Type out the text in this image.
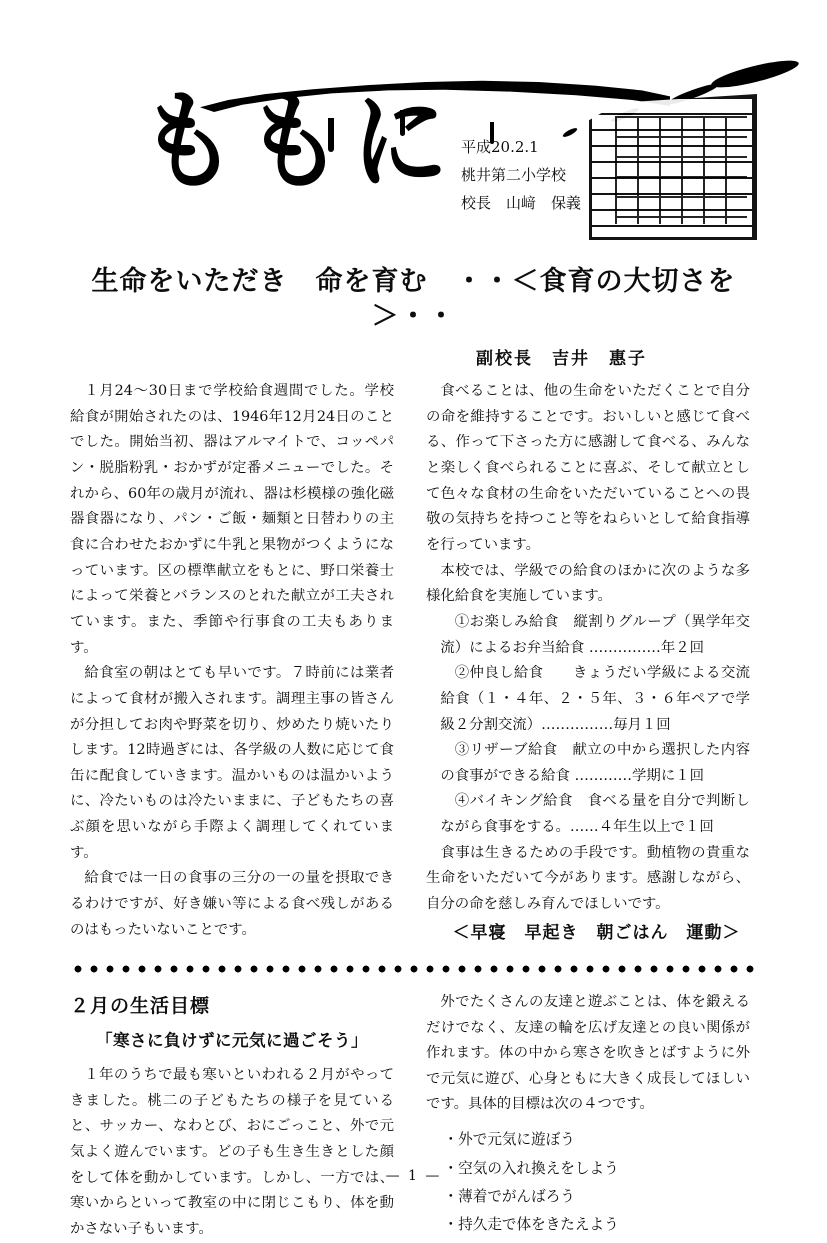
ももに 平成20.2.1
桃井第二小学校
校長　山﨑　保義
生命をいただき　命を育む　・・＜食育の大切さを＞・・
副校長　吉井　惠子

１月24〜30日まで学校給食週間でした。学校給食が開始されたのは、1946年12月24日のことでした。開始当初、器はアルマイトで、コッペパン・脱脂粉乳・おかずが定番メニューでした。それから、60年の歳月が流れ、器は杉模様の強化磁器食器になり、パン・ご飯・麺類と日替わりの主食に合わせたおかずに牛乳と果物がつくようになっています。区の標準献立をもとに、野口栄養士によって栄養とバランスのとれた献立が工夫されています。また、季節や行事食の工夫もあります。

給食室の朝はとても早いです。７時前には業者によって食材が搬入されます。調理主事の皆さんが分担してお肉や野菜を切り、炒めたり焼いたりします。12時過ぎには、各学級の人数に応じて食缶に配食していきます。温かいものは温かいように、冷たいものは冷たいままに、子どもたちの喜ぶ顔を思いながら手際よく調理してくれています。

給食では一日の食事の三分の一の量を摂取できるわけですが、好き嫌い等による食べ残しがあるのはもったいないことです。

食べることは、他の生命をいただくことで自分の命を維持することです。おいしいと感じて食べる、作って下さった方に感謝して食べる、みんなと楽しく食べられることに喜ぶ、そして献立として色々な食材の生命をいただいていることへの畏敬の気持ちを持つこと等をねらいとして給食指導を行っています。

本校では、学級での給食のほかに次のような多様化給食を実施しています。

①お楽しみ給食　縦割りグループ（異学年交流）によるお弁当給食 ……………年２回

②仲良し給食　　きょうだい学級による交流給食（１・４年、２・５年、３・６年ペアで学級２分割交流）……………毎月１回

③リザーブ給食　献立の中から選択した内容の食事ができる給食 …………学期に１回

④バイキング給食　食べる量を自分で判断しながら食事をする。……４年生以上で１回

食事は生きるための手段です。動植物の貴重な生命をいただいて今があります。感謝しながら、自分の命を慈しみ育んでほしいです。

＜早寝　早起き　朝ごはん　運動＞

２月の生活目標
「寒さに負けずに元気に過ごそう」

１年のうちで最も寒いといわれる２月がやってきました。桃二の子どもたちの様子を見ていると、サッカー、なわとび、おにごっこと、外で元気よく遊んでいます。どの子も生き生きとした顔をして体を動かしています。しかし、一方では、寒いからといって教室の中に閉じこもり、体を動かさない子もいます。

外でたくさんの友達と遊ぶことは、体を鍛えるだけでなく、友達の輪を広げ友達との良い関係が作れます。体の中から寒さを吹きとばすように外で元気に遊び、心身ともに大きく成長してほしいです。具体的目標は次の４つです。

・ 外で元気に遊ぼう
・ 空気の入れ換えをしよう
・ 薄着でがんばろう
・ 持久走で体をきたえよう
— 1 —
